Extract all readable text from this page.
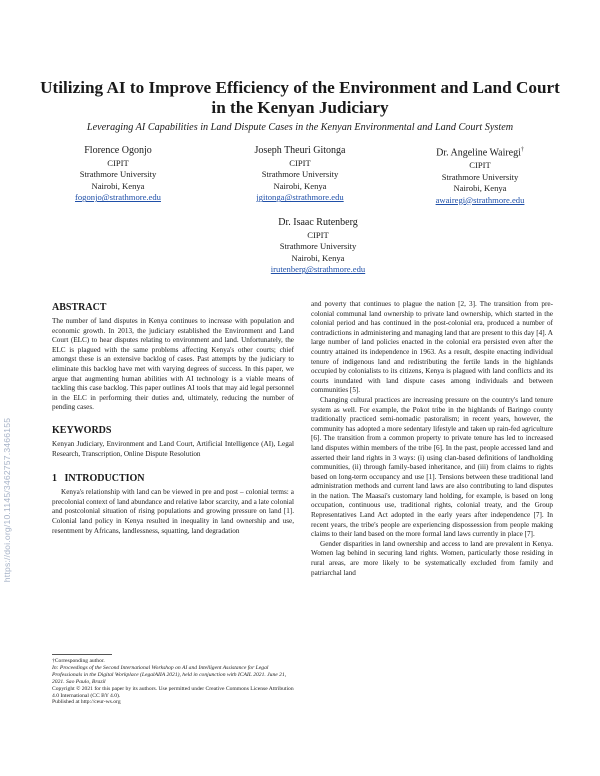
https://doi.org/10.1145/3462757.3466155
Utilizing AI to Improve Efficiency of the Environment and Land Court in the Kenyan Judiciary

Leveraging AI Capabilities in Land Dispute Cases in the Kenyan Environmental and Land Court System

Florence Ogonjo
CIPIT
Strathmore University
Nairobi, Kenya
fogonjo@strathmore.edu
Joseph Theuri Gitonga
CIPIT
Strathmore University
Nairobi, Kenya
jgitonga@strathmore.edu
Dr. Angeline Wairegi†
CIPIT
Strathmore University
Nairobi, Kenya
awairegi@strathmore.edu
Dr. Isaac Rutenberg
CIPIT
Strathmore University
Nairobi, Kenya
irutenberg@strathmore.edu
ABSTRACT

The number of land disputes in Kenya continues to increase with population and economic growth. In 2013, the judiciary established the Environment and Land Court (ELC) to hear disputes relating to environment and land. Unfortunately, the ELC is plagued with the same problems affecting Kenya's other courts; chief amongst these is an extensive backlog of cases. Past attempts by the judiciary to eliminate this backlog have met with varying degrees of success. In this paper, we argue that augmenting human abilities with AI technology is a viable means of tackling this case backlog. This paper outlines AI tools that may aid legal personnel in the ELC in performing their duties and, ultimately, reducing the number of pending cases.

KEYWORDS

Kenyan Judiciary, Environment and Land Court, Artificial Intelligence (AI), Legal Research, Transcription, Online Dispute Resolution

1 INTRODUCTION

Kenya's relationship with land can be viewed in pre and post – colonial terms: a precolonial context of land abundance and relative labor scarcity, and a late colonial and postcolonial situation of rising populations and growing pressure on land [1]. Colonial land policy in Kenya resulted in inequality in land ownership and use, resentment by Africans, landlessness, squatting, land degradation

†Corresponding author.
In: Proceedings of the Second International Workshop on AI and Intelligent Assistance for Legal Professionals in the Digital Workplace (LegalAIIA 2021), held in conjunction with ICAIL 2021. June 21, 2021. Sao Paulo, Brazil
Copyright © 2021 for this paper by its authors. Use permitted under Creative Commons License Attribution 4.0 International (CC BY 4.0).
Published at http://ceur-ws.org

and poverty that continues to plague the nation [2, 3]. The transition from pre-colonial communal land ownership to private land ownership, which started in the colonial period and has continued in the post-colonial era, produced a number of contradictions in administering and managing land that are present to this day [4]. A large number of land policies enacted in the colonial era persisted even after the country attained its independence in 1963. As a result, despite enacting individual tenure of indigenous land and redistributing the fertile lands in the highlands occupied by colonialists to its citizens, Kenya is plagued with land conflicts and its courts inundated with land dispute cases among individuals and between communities [5].

Changing cultural practices are increasing pressure on the country's land tenure system as well. For example, the Pokot tribe in the highlands of Baringo county traditionally practiced semi-nomadic pastoralism; in recent years, however, the community has adopted a more sedentary lifestyle and taken up rain-fed agriculture [6]. The transition from a common property to private tenure has led to increased land disputes within members of the tribe [6]. In the past, people accessed land and asserted their land rights in 3 ways: (i) using clan-based definitions of landholding communities, (ii) through family-based inheritance, and (iii) from claims to rights based on long-term occupancy and use [1]. Tensions between these traditional land administration methods and current land laws are also contributing to land disputes in the nation. The Maasai's customary land holding, for example, is based on long occupation, continuous use, traditional rights, colonial treaty, and the Group Representatives Land Act adopted in the early years after independence [7]. In recent years, the tribe's people are experiencing dispossession from people making claims to their land based on the more formal land laws currently in place [7].

Gender disparities in land ownership and access to land are prevalent in Kenya. Women lag behind in securing land rights. Women, particularly those residing in rural areas, are more likely to be systematically excluded from family and patriarchal land
